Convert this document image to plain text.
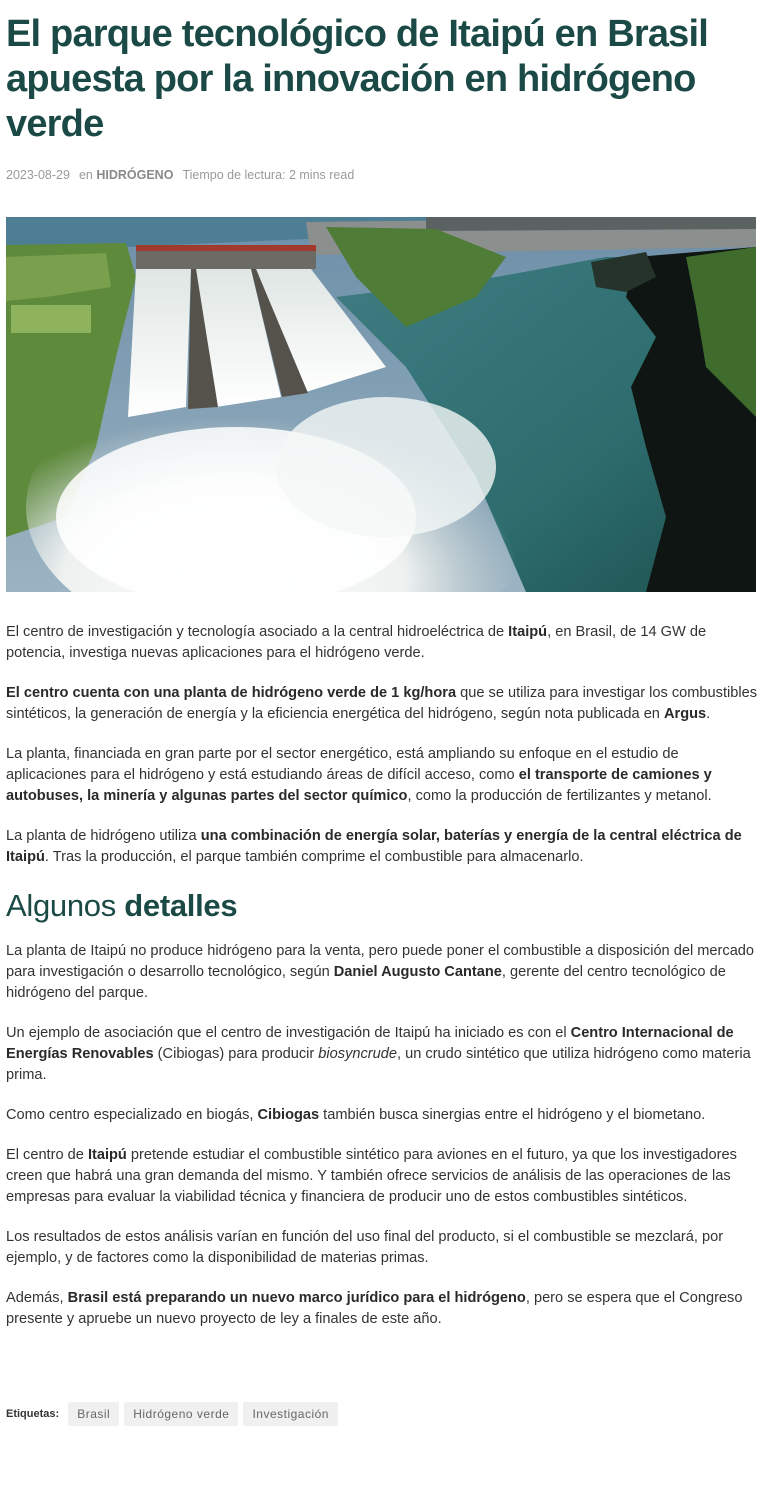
El parque tecnológico de Itaipú en Brasil apuesta por la innovación en hidrógeno verde
2023-08-29 en HIDRÓGENO Tiempo de lectura: 2 mins read

El centro de investigación y tecnología asociado a la central hidroeléctrica de Itaipú, en Brasil, de 14 GW de potencia, investiga nuevas aplicaciones para el hidrógeno verde.

El centro cuenta con una planta de hidrógeno verde de 1 kg/hora que se utiliza para investigar los combustibles sintéticos, la generación de energía y la eficiencia energética del hidrógeno, según nota publicada en Argus.

La planta, financiada en gran parte por el sector energético, está ampliando su enfoque en el estudio de aplicaciones para el hidrógeno y está estudiando áreas de difícil acceso, como el transporte de camiones y autobuses, la minería y algunas partes del sector químico, como la producción de fertilizantes y metanol.

La planta de hidrógeno utiliza una combinación de energía solar, baterías y energía de la central eléctrica de Itaipú. Tras la producción, el parque también comprime el combustible para almacenarlo.

Algunos detalles

La planta de Itaipú no produce hidrógeno para la venta, pero puede poner el combustible a disposición del mercado para investigación o desarrollo tecnológico, según Daniel Augusto Cantane, gerente del centro tecnológico de hidrógeno del parque.

Un ejemplo de asociación que el centro de investigación de Itaipú ha iniciado es con el Centro Internacional de Energías Renovables (Cibiogas) para producir biosyncrude, un crudo sintético que utiliza hidrógeno como materia prima.

Como centro especializado en biogás, Cibiogas también busca sinergias entre el hidrógeno y el biometano.

El centro de Itaipú pretende estudiar el combustible sintético para aviones en el futuro, ya que los investigadores creen que habrá una gran demanda del mismo. Y también ofrece servicios de análisis de las operaciones de las empresas para evaluar la viabilidad técnica y financiera de producir uno de estos combustibles sintéticos.

Los resultados de estos análisis varían en función del uso final del producto, si el combustible se mezclará, por ejemplo, y de factores como la disponibilidad de materias primas.

Además, Brasil está preparando un nuevo marco jurídico para el hidrógeno, pero se espera que el Congreso presente y apruebe un nuevo proyecto de ley a finales de este año.

Etiquetas:	Brasil	Hidrógeno verde	Investigación
